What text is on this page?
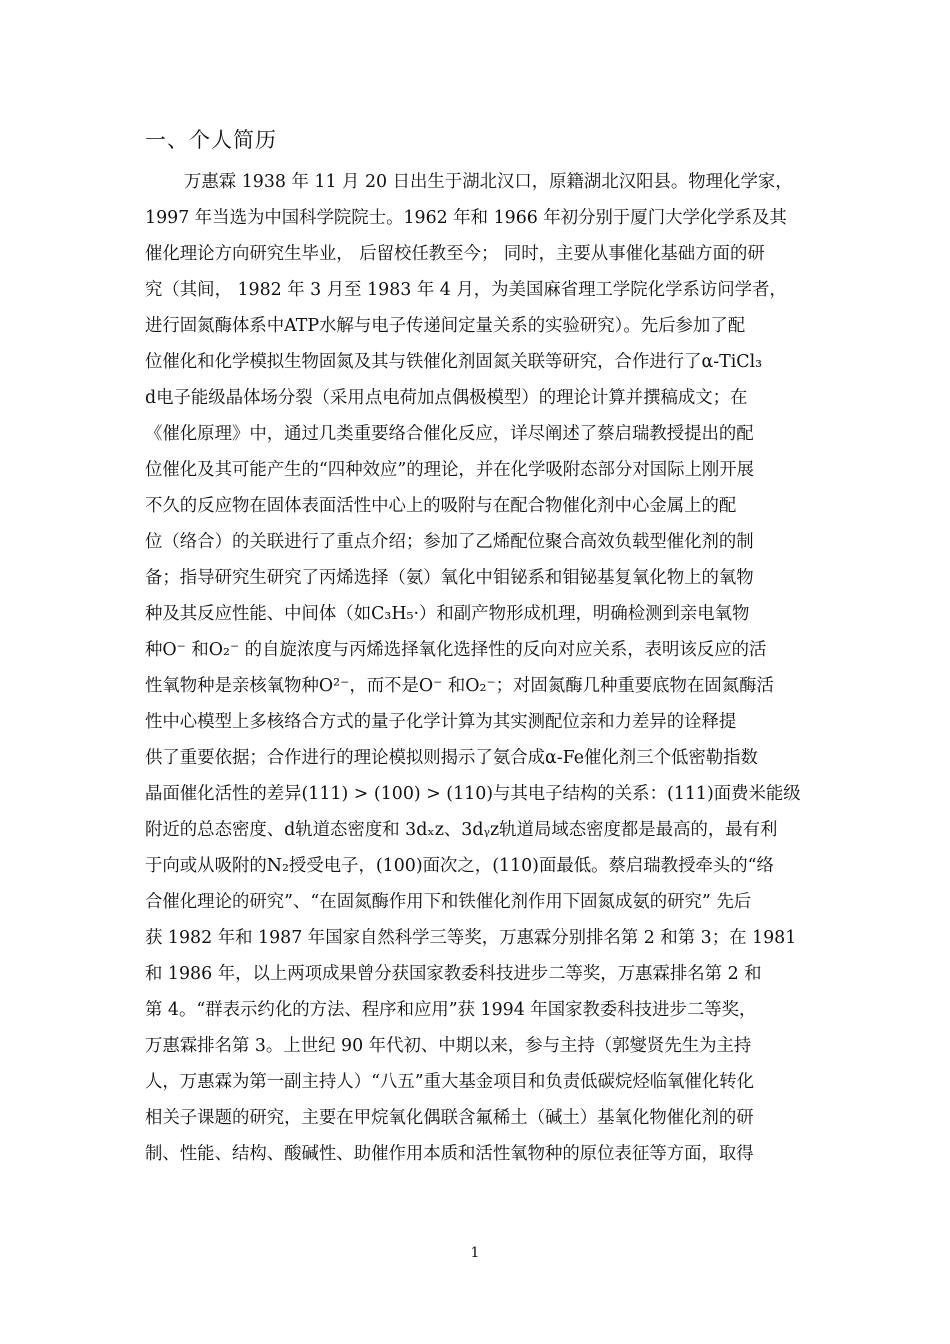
一、个人简历
万惠霖 1938 年 11 月 20 日出生于湖北汉口，原籍湖北汉阳县。物理化学家，
1997 年当选为中国科学院院士。1962 年和 1966 年初分别于厦门大学化学系及其
催化理论方向研究生毕业， 后留校任教至今； 同时，主要从事催化基础方面的研
究（其间， 1982 年 3 月至 1983 年 4 月，为美国麻省理工学院化学系访问学者，
进行固氮酶体系中ATP水解与电子传递间定量关系的实验研究）。先后参加了配
位催化和化学模拟生物固氮及其与铁催化剂固氮关联等研究，合作进行了α-TiCl₃
d电子能级晶体场分裂（采用点电荷加点偶极模型）的理论计算并撰稿成文；在
《催化原理》中，通过几类重要络合催化反应，详尽阐述了蔡启瑞教授提出的配
位催化及其可能产生的“四种效应”的理论，并在化学吸附态部分对国际上刚开展
不久的反应物在固体表面活性中心上的吸附与在配合物催化剂中心金属上的配
位（络合）的关联进行了重点介绍；参加了乙烯配位聚合高效负载型催化剂的制
备；指导研究生研究了丙烯选择（氨）氧化中钼铋系和钼铋基复氧化物上的氧物
种及其反应性能、中间体（如C₃H₅·）和副产物形成机理，明确检测到亲电氧物
种O⁻ 和O₂⁻ 的自旋浓度与丙烯选择氧化选择性的反向对应关系，表明该反应的活
性氧物种是亲核氧物种O²⁻，而不是O⁻ 和O₂⁻；对固氮酶几种重要底物在固氮酶活
性中心模型上多核络合方式的量子化学计算为其实测配位亲和力差异的诠释提
供了重要依据；合作进行的理论模拟则揭示了氨合成α-Fe催化剂三个低密勒指数
晶面催化活性的差异(111) > (100) > (110)与其电子结构的关系：(111)面费米能级
附近的总态密度、d轨道态密度和 3dₓz、3dᵧz轨道局域态密度都是最高的，最有利
于向或从吸附的N₂授受电子，(100)面次之，(110)面最低。蔡启瑞教授牵头的“络
合催化理论的研究”、“在固氮酶作用下和铁催化剂作用下固氮成氨的研究” 先后
获 1982 年和 1987 年国家自然科学三等奖，万惠霖分别排名第 2 和第 3；在 1981
和 1986 年，以上两项成果曾分获国家教委科技进步二等奖，万惠霖排名第 2 和
第 4。“群表示约化的方法、程序和应用”获 1994 年国家教委科技进步二等奖，
万惠霖排名第 3。上世纪 90 年代初、中期以来，参与主持（郭燮贤先生为主持
人，万惠霖为第一副主持人）“八五”重大基金项目和负责低碳烷烃临氧催化转化
相关子课题的研究，主要在甲烷氧化偶联含氟稀土（碱土）基氧化物催化剂的研
制、性能、结构、酸碱性、助催作用本质和活性氧物种的原位表征等方面，取得
1
